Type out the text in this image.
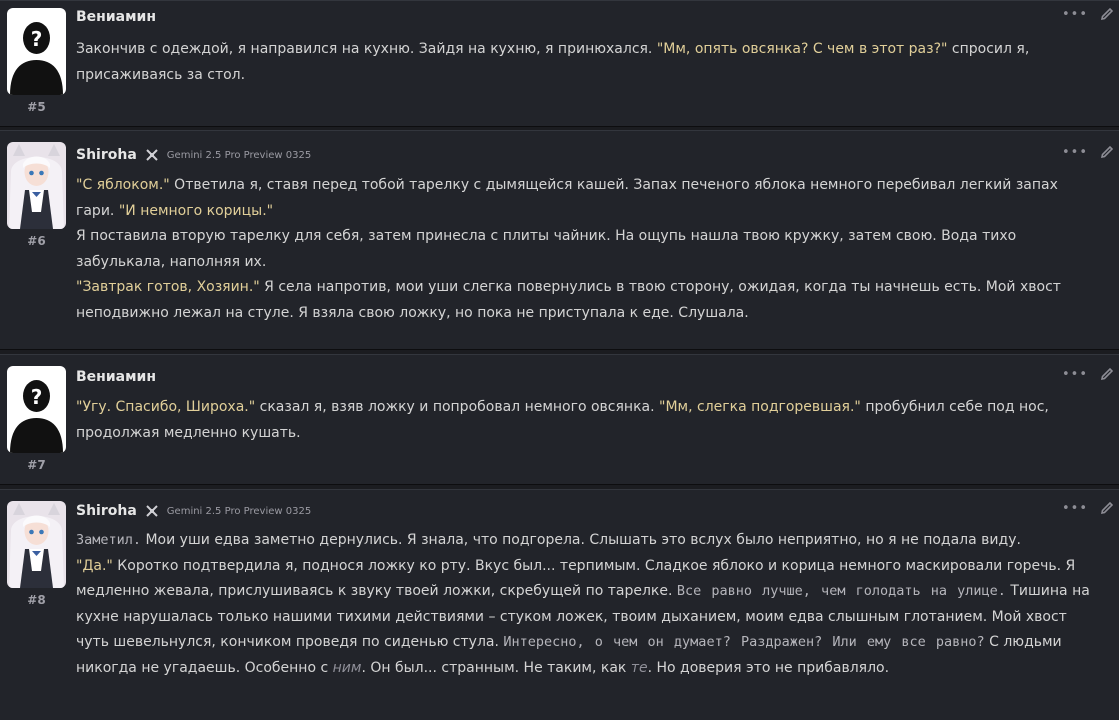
#5
Вениамин

Закончив с одеждой, я направился на кухню. Зайдя на кухню, я принюхался. "Мм, опять овсянка? С чем в этот раз?" спросил я, присаживаясь за стол.

•••
#6
Shiroha	Gemini 2.5 Pro Preview 0325

"С яблоком." Ответила я, ставя перед тобой тарелку с дымящейся кашей. Запах печеного яблока немного перебивал легкий запах гари. "И немного корицы."

Я поставила вторую тарелку для себя, затем принесла с плиты чайник. На ощупь нашла твою кружку, затем свою. Вода тихо забулькала, наполняя их.

"Завтрак готов, Хозяин." Я села напротив, мои уши слегка повернулись в твою сторону, ожидая, когда ты начнешь есть. Мой хвост неподвижно лежал на стуле. Я взяла свою ложку, но пока не приступала к еде. Слушала.

•••
#7
Вениамин

"Угу. Спасибо, Широха." сказал я, взяв ложку и попробовал немного овсянка. "Мм, слегка подгоревшая." пробубнил себе под нос, продолжая медленно кушать.

•••
#8
Shiroha	Gemini 2.5 Pro Preview 0325

Заметил. Мои уши едва заметно дернулись. Я знала, что подгорела. Слышать это вслух было неприятно, но я не подала виду.

"Да." Коротко подтвердила я, поднося ложку ко рту. Вкус был... терпимым. Сладкое яблоко и корица немного маскировали горечь. Я медленно жевала, прислушиваясь к звуку твоей ложки, скребущей по тарелке. Все равно лучше, чем голодать на улице. Тишина на кухне нарушалась только нашими тихими действиями – стуком ложек, твоим дыханием, моим едва слышным глотанием. Мой хвост чуть шевельнулся, кончиком проведя по сиденью стула. Интересно, о чем он думает? Раздражен? Или ему все равно? С людьми никогда не угадаешь. Особенно с ним. Он был... странным. Не таким, как те. Но доверия это не прибавляло.

•••
